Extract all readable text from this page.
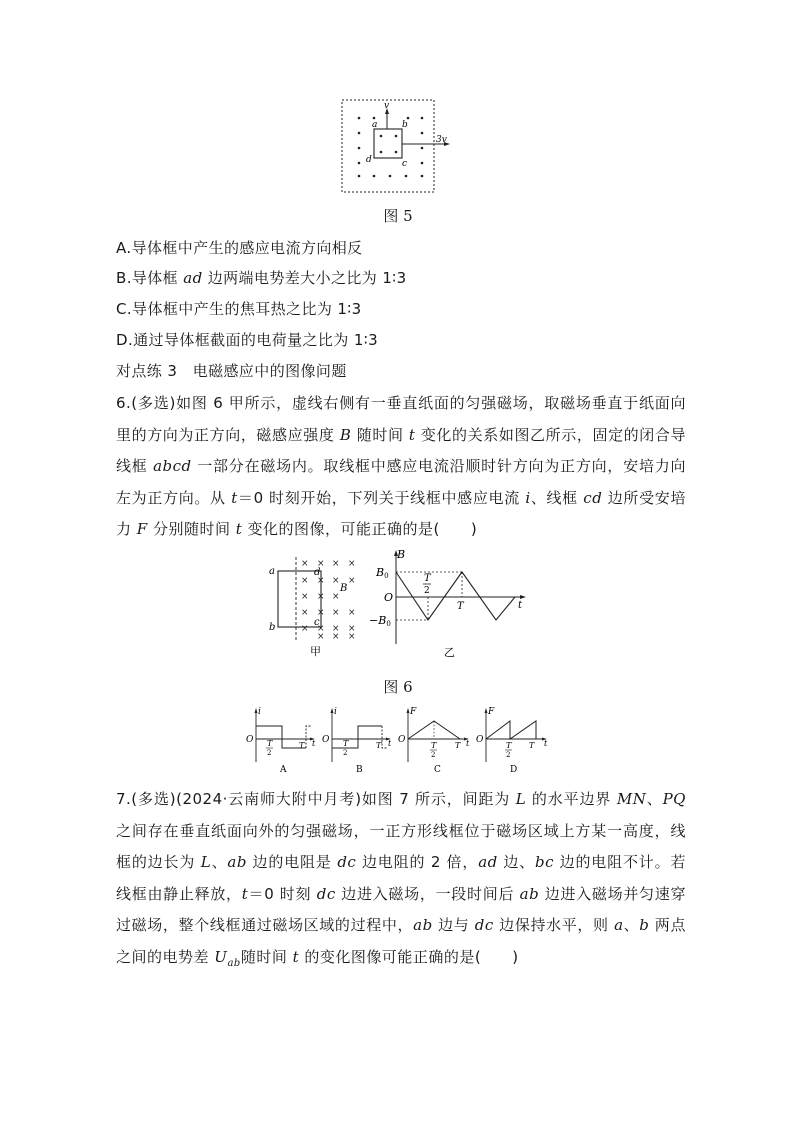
v
a	b
d	c
3v
图 5
A.导体框中产生的感应电流方向相反
B.导体框 ad 边两端电势差大小之比为 1∶3
C.导体框中产生的焦耳热之比为 1∶3
D.通过导体框截面的电荷量之比为 1∶3
对点练 3　电磁感应中的图像问题
6.(多选)如图 6 甲所示，虚线右侧有一垂直纸面的匀强磁场，取磁场垂直于纸面向里的方向为正方向，磁感应强度 B 随时间 t 变化的关系如图乙所示，固定的闭合导线框 abcd 一部分在磁场内。取线框中感应电流沿顺时针方向为正方向，安培力向左为正方向。从 t＝0 时刻开始，下列关于线框中感应电流 i、线框 cd 边所受安培力 F 分别随时间 t 变化的图像，可能正确的是(　　)
× × × ×
× × × ×
× × ×
× × × ×
× × × ×
×
×	×
a
b	c
d
B
甲
B
B0
O
−B0
T
2
T	t
乙
图 6
i
O T
2
T t
A
i
O T
2
T t
B
F
O
T
2
T t
C
F
O
T
2
T t
D
7.(多选)(2024·云南师大附中月考)如图 7 所示，间距为 L 的水平边界 MN、PQ 之间存在垂直纸面向外的匀强磁场，一正方形线框位于磁场区域上方某一高度，线框的边长为 L、ab 边的电阻是 dc 边电阻的 2 倍，ad 边、bc 边的电阻不计。若线框由静止释放，t＝0 时刻 dc 边进入磁场，一段时间后 ab 边进入磁场并匀速穿过磁场，整个线框通过磁场区域的过程中，ab 边与 dc 边保持水平，则 a、b 两点之间的电势差 $U_{ab}$随时间 t 的变化图像可能正确的是(　　)
